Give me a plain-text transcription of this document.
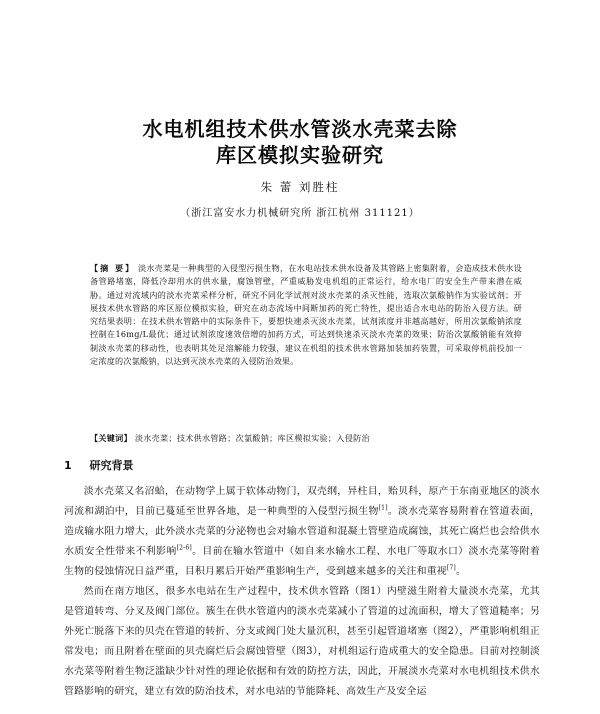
水电机组技术供水管淡水壳菜去除
库区模拟实验研究
朱 蕾 刘胜柱
（浙江富安水力机械研究所 浙江杭州 311121）
【摘 要】 淡水壳菜是一种典型的入侵型污损生物，在水电站技术供水设备及其管路上密集附着，会造成技术供水设备管路堵塞，降低冷却用水的供水量，腐蚀管壁，严重威胁发电机组的正常运行，给水电厂的安全生产带来潜在威胁。通过对流域内的淡水壳菜采样分析，研究不同化学试剂对淡水壳菜的杀灭性能，选取次氯酸钠作为实验试剂；开展技术供水管路的库区原位模拟实验，研究在动态流场中间断加药的死亡特性，提出适合水电站的防治入侵方法。研究结果表明：在技术供水管路中的实际条件下，要想快速杀灭淡水壳菜，试剂浓度并非越高越好，所用次氯酸钠浓度控制在16mg/L最优；通过试剂浓度速效倍增的加药方式，可达到快速杀灭淡水壳菜的效果；防治次氯酸钠能有效抑制淡水壳菜的移动性，也表明其处足溶解能力较强，建议在机组的技术供水管路加装加药装置，可采取停机前投加一定浓度的次氯酸钠，以达到灭淡水壳菜的入侵防治效果。
【关键词】 淡水壳菜；技术供水管路；次氯酸钠；库区模拟实验；入侵防治
1 研究背景

淡水壳菜又名沼蛤，在动物学上属于软体动物门，双壳纲，异柱目，贻贝科，原产于东南亚地区的淡水河流和湖泊中，目前已蔓延至世界各地，是一种典型的入侵型污损生物[1]。淡水壳菜容易附着在管道表面，造成输水阻力增大，此外淡水壳菜的分泌物也会对输水管道和混凝土管壁造成腐蚀，其死亡腐烂也会给供水水质安全性带来不利影响[2-6]。目前在输水管道中（如自来水输水工程、水电厂等取水口）淡水壳菜等附着生物的侵蚀情况日益严重，目积月累后开始严重影响生产，受到越来越多的关注和重视[7]。

然而在南方地区，很多水电站在生产过程中，技术供水管路（图1）内壁滋生附着大量淡水壳菜，尤其是管道转弯、分叉及阀门部位。簇生在供水管道内的淡水壳菜减小了管道的过流面积，增大了管道糙率；另外死亡脱落下来的贝壳在管道的转折、分支或阀门处大量沉积，甚至引起管道堵塞（图2），严重影响机组正常发电；而且附着在壁面的贝壳腐烂后会腐蚀管壁（图3），对机组运行造成重大的安全隐患。目前对控制淡水壳菜等附着生物泛滥缺少针对性的理论依据和有效的防控方法，因此，开展淡水壳菜对水电机组技术供水管路影响的研究，建立有效的防治技术，对水电站的节能降耗、高效生产及安全运
